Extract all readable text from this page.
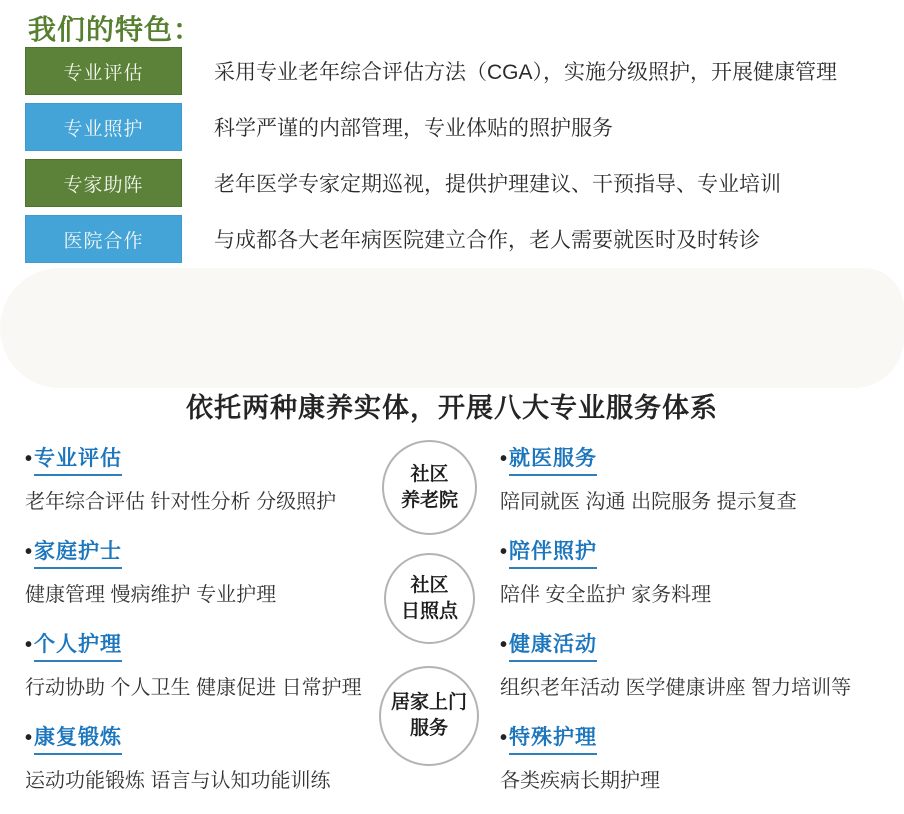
我们的特色：
专业评估	采用专业老年综合评估方法（CGA），实施分级照护，开展健康管理
专业照护	科学严谨的内部管理，专业体贴的照护服务
专家助阵	老年医学专家定期巡视，提供护理建议、干预指导、专业培训
医院合作	与成都各大老年病医院建立合作，老人需要就医时及时转诊
依托两种康养实体，开展八大专业服务体系
• 专业评估
老年综合评估 针对性分析 分级照护
• 家庭护士
健康管理 慢病维护 专业护理
• 个人护理
行动协助 个人卫生 健康促进 日常护理
• 康复锻炼
运动功能锻炼 语言与认知功能训练
• 就医服务
陪同就医 沟通 出院服务 提示复查
• 陪伴照护
陪伴 安全监护 家务料理
• 健康活动
组织老年活动 医学健康讲座 智力培训等
• 特殊护理
各类疾病长期护理
社区
养老院
社区
日照点
居家上门
服务
